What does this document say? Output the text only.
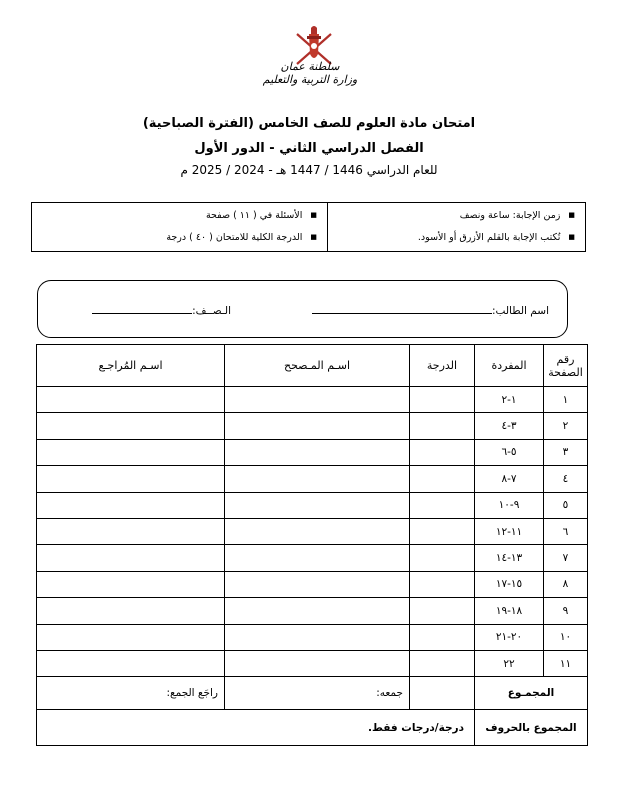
سلطنة عمان
وزارة التربية والتعليم
امتحان مادة العلوم للصف الخامس (الفترة الصباحية)
الفصل الدراسي الثاني - الدور الأول
للعام الدراسي 1446 / 1447 هـ - 2024 / 2025 م
■ زمن الإجابة: ساعة ونصف
■ تُكتب الإجابة بالقلم الأزرق أو الأسود.
■ الأسئلة في ( ١١ ) صفحة
■ الدرجة الكلية للامتحان ( ٤٠ ) درجة
اسم الطالب:
الـصــف:
رقم الصفحة	المفردة	الدرجة	اسـم المـصحح	اسـم المُراجـع
١	١-٢			
٢	٣-٤			
٣	٥-٦			
٤	٧-٨			
٥	٩-١٠			
٦	١١-١٢			
٧	١٣-١٤			
٨	١٥-١٧			
٩	١٨-١٩			
١٠	٢٠-٢١			
١١	٢٢			
المجمـوع			جمعه:	راجَع الجمع:
المجموع بالحروف		درجة/درجات فقط.		
